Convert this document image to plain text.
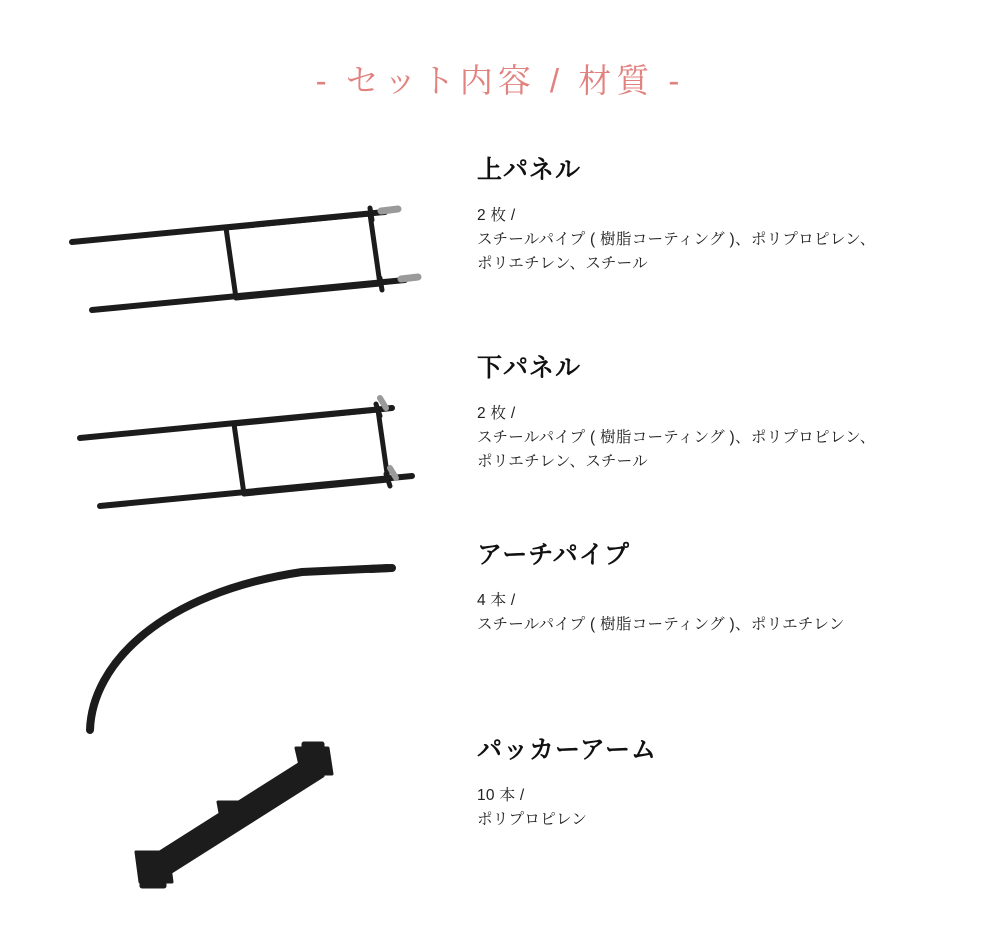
- セット内容 / 材質 -
上パネル
2 枚 /
スチールパイプ ( 樹脂コーティング )、ポリプロピレン、
ポリエチレン、スチール
下パネル
2 枚 /
スチールパイプ ( 樹脂コーティング )、ポリプロピレン、
ポリエチレン、スチール
アーチパイプ
4 本 /
スチールパイプ ( 樹脂コーティング )、ポリエチレン
パッカーアーム
10 本 /
ポリプロピレン
